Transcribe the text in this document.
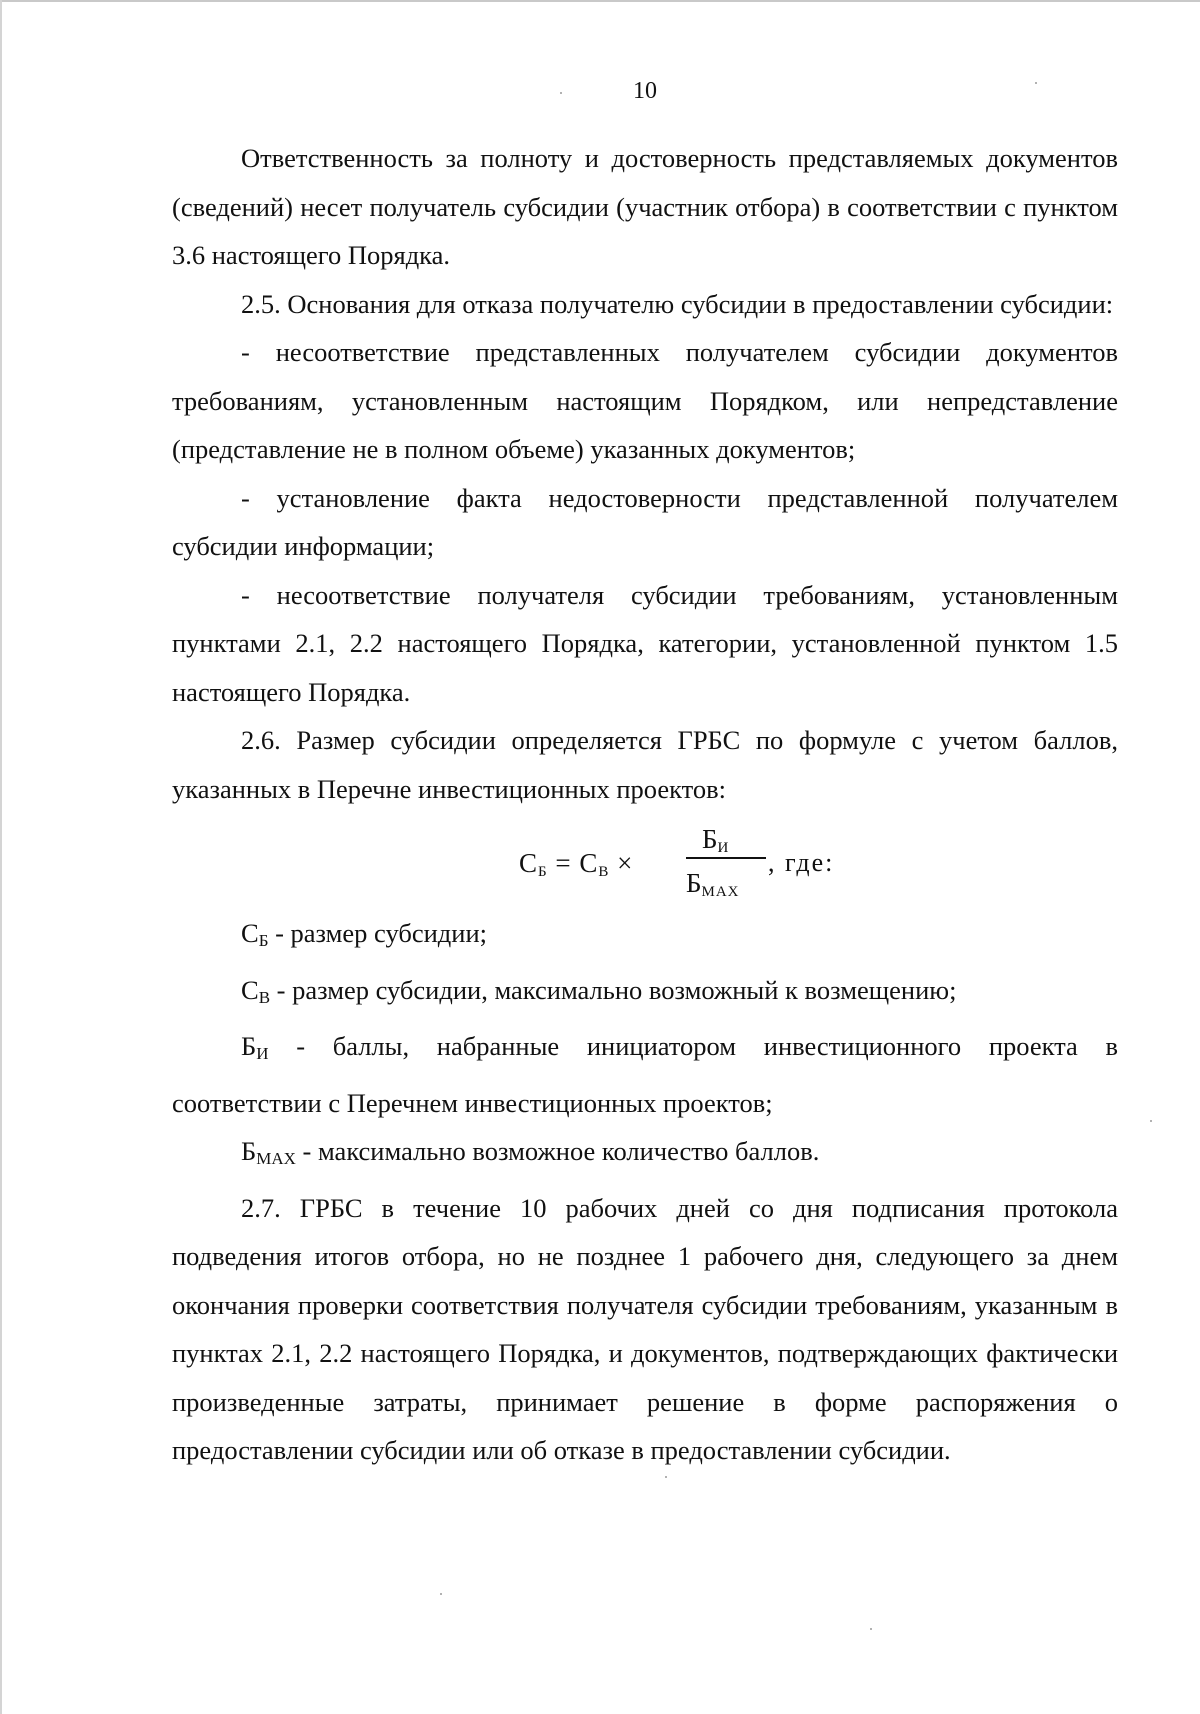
10

Ответственность за полноту и достоверность представляемых документов (сведений) несет получатель субсидии (участник отбора) в соответствии с пунктом 3.6 настоящего Порядка.

2.5. Основания для отказа получателю субсидии в предоставлении субсидии:

- несоответствие представленных получателем субсидии документов требованиям, установленным настоящим Порядком, или непредставление (представление не в полном объеме) указанных документов;

- установление факта недостоверности представленной получателем субсидии информации;

- несоответствие получателя субсидии требованиям, установленным пунктами 2.1, 2.2 настоящего Порядка, категории, установленной пунктом 1.5 настоящего Порядка.

2.6. Размер субсидии определяется ГРБС по формуле с учетом баллов, указанных в Перечне инвестиционных проектов:

$С_Б = С_В$ ×
$Б_И$
$Б_{МАХ}$
, где:

СБ - размер субсидии;

СВ - размер субсидии, максимально возможный к возмещению;

БИ - баллы, набранные инициатором инвестиционного проекта в соответствии с Перечнем инвестиционных проектов;

БМАХ - максимально возможное количество баллов.

2.7. ГРБС в течение 10 рабочих дней со дня подписания протокола подведения итогов отбора, но не позднее 1 рабочего дня, следующего за днем окончания проверки соответствия получателя субсидии требованиям, указанным в пунктах 2.1, 2.2 настоящего Порядка, и документов, подтверждающих фактически произведенные затраты, принимает решение в форме распоряжения о предоставлении субсидии или об отказе в предоставлении субсидии.
